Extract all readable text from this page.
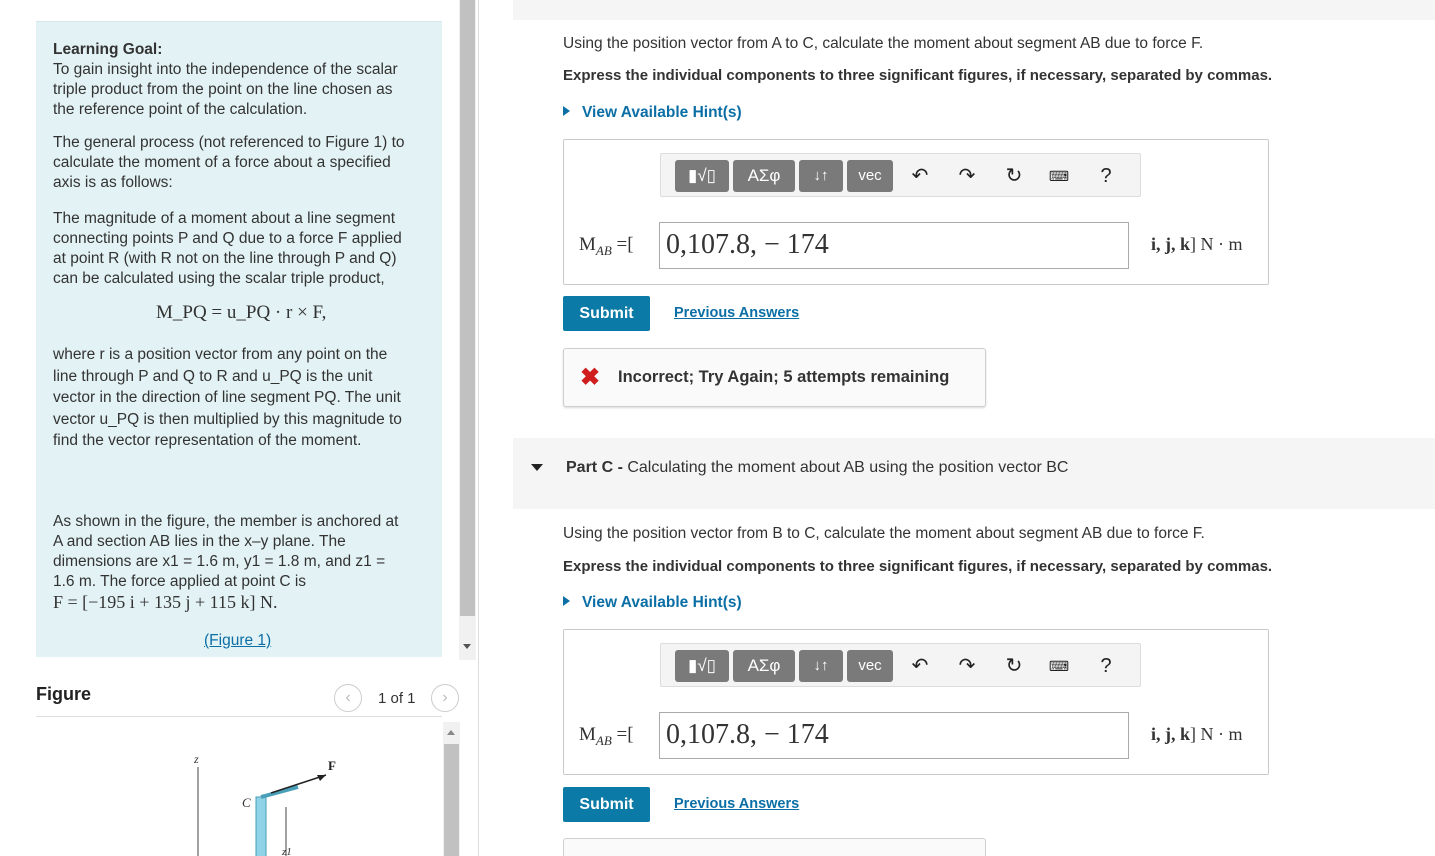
Learning Goal:
To gain insight into the independence of the scalar
triple product from the point on the line chosen as
the reference point of the calculation.
The general process (not referenced to Figure 1) to
calculate the moment of a force about a specified
axis is as follows:
The magnitude of a moment about a line segment
connecting points P and Q due to a force F applied
at point R (with R not on the line through P and Q)
can be calculated using the scalar triple product,
M_PQ = u_PQ · r × F,
where r is a position vector from any point on the
line through P and Q to R and u_PQ is the unit
vector in the direction of line segment PQ. The unit
vector u_PQ is then multiplied by this magnitude to
find the vector representation of the moment.
As shown in the figure, the member is anchored at
A and section AB lies in the x–y plane. The
dimensions are x1 = 1.6 m, y1 = 1.8 m, and z1 =
1.6 m. The force applied at point C is
F = [−195 i + 135 j + 115 k] N.
(Figure 1)
Figure	‹	1 of 1	›
z	F
C
z1
Using the position vector from A to C, calculate the moment about segment AB due to force F.
Express the individual components to three significant figures, if necessary, separated by commas.
View Available Hint(s)
▮√▯	ΑΣφ	↓↑	vec	↶ ↷ ↻	⌨	?
$M_{AB}$ =[ 0,107.8, − 174	i, j, k] N · m
Submit	Previous Answers
✖ Incorrect; Try Again; 5 attempts remaining
Part C - Calculating the moment about AB using the position vector BC
Using the position vector from B to C, calculate the moment about segment AB due to force F.
Express the individual components to three significant figures, if necessary, separated by commas.
View Available Hint(s)
▮√▯	ΑΣφ	↓↑	vec	↶ ↷ ↻	⌨	?
$M_{AB}$ =[ 0,107.8, − 174	i, j, k] N · m
Submit	Previous Answers
